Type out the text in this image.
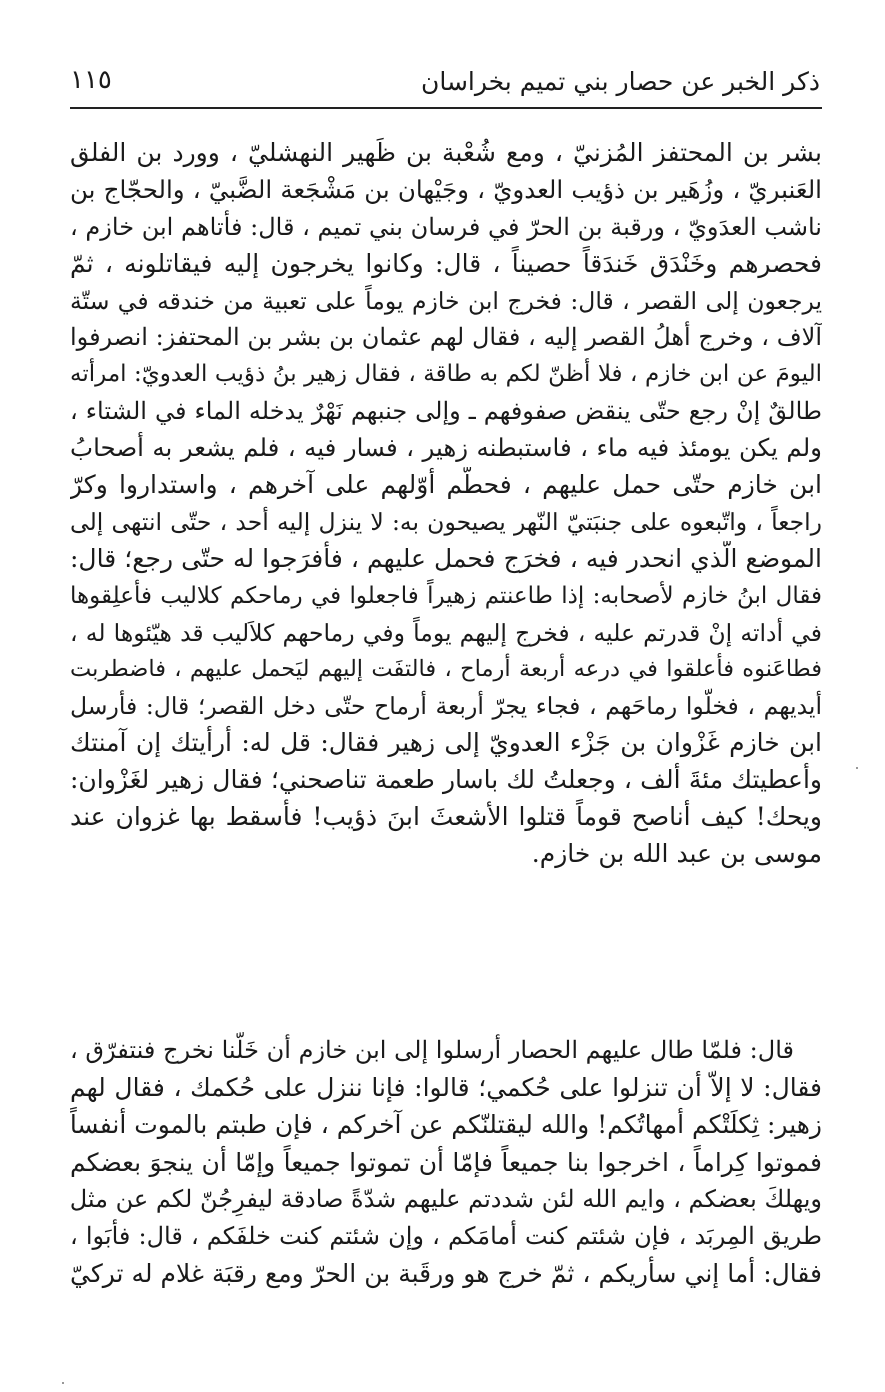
ذكر الخبر عن حصار بني تميم بخراسان
١١٥
بشر بن المحتفز المُزنيّ ، ومع شُعْبة بن ظَهير النهشليّ ، وورد بن الفلق
العَنبريّ ، وزُهَير بن ذؤيب العدويّ ، وجَيْهان بن مَشْجَعة الضَّبيّ ، والحجّاج بن
ناشب العدَويّ ، ورقبة بن الحرّ في فرسان بني تميم ، قال: فأتاهم ابن خازم ،
فحصرهم وخَنْدَق خَندَقاً حصيناً ، قال: وكانوا يخرجون إليه فيقاتلونه ، ثمّ
يرجعون إلى القصر ، قال: فخرج ابن خازم يوماً على تعبية من خندقه في ستّة
آلاف ، وخرج أهلُ القصر إليه ، فقال لهم عثمان بن بشر بن المحتفز: انصرفوا
اليومَ عن ابن خازم ، فلا أظنّ لكم به طاقة ، فقال زهير بنُ ذؤيب العدويّ: امرأته
طالقٌ إنْ رجع حتّى ينقض صفوفهم ـ وإلى جنبهم نَهْرٌ يدخله الماء في الشتاء ،
ولم يكن يومئذ فيه ماء ، فاستبطنه زهير ، فسار فيه ، فلم يشعر به أصحابُ
ابن خازم حتّى حمل عليهم ، فحطَّم أوّلهم على آخرهم ، واستداروا وكرّ
راجعاً ، واتّبعوه على جنبَتيّ النّهر يصيحون به: لا ينزل إليه أحد ، حتّى انتهى إلى
الموضع الّذي انحدر فيه ، فخرَج فحمل عليهم ، فأفرَجوا له حتّى رجع؛ قال:
فقال ابنُ خازم لأصحابه: إذا طاعنتم زهيراً فاجعلوا في رماحكم كلاليب فأعلِقوها
في أداته إنْ قدرتم عليه ، فخرج إليهم يوماً وفي رماحهم كلاَليب قد هيّئوها له ،
فطاعَنوه فأعلقوا في درعه أربعة أرماح ، فالتفَت إليهم ليَحمل عليهم ، فاضطربت
أيديهم ، فخلّوا رماحَهم ، فجاء يجرّ أربعة أرماح حتّى دخل القصر؛ قال: فأرسل
ابن خازم غَزْوان بن جَزْء العدويّ إلى زهير فقال: قل له: أرأيتك إن آمنتك
وأعطيتك مئةَ ألف ، وجعلتُ لك باسار طعمة تناصحني؛ فقال زهير لغَزْوان:
ويحك! كيف أناصح قوماً قتلوا الأشعثَ ابنَ ذؤيب! فأسقط بها غزوان عند
موسى بن عبد الله بن خازم.
قال: فلمّا طال عليهم الحصار أرسلوا إلى ابن خازم أن خَلّنا نخرج فنتفرّق ،
فقال: لا إلاّ أن تنزلوا على حُكمي؛ قالوا: فإنا ننزل على حُكمك ، فقال لهم
زهير: ثِكلَتْكم أمهاتُكم! والله ليقتلنّكم عن آخركم ، فإن طبتم بالموت أنفساً
فموتوا كِراماً ، اخرجوا بنا جميعاً فإمّا أن تموتوا جميعاً وإمّا أن ينجوَ بعضكم
ويهلكَ بعضكم ، وايم الله لئن شددتم عليهم شدّةً صادقة ليفرِجُنّ لكم عن مثل
طريق المِربَد ، فإن شئتم كنت أمامَكم ، وإن شئتم كنت خلفَكم ، قال: فأبَوا ،
فقال: أما إني سأريكم ، ثمّ خرج هو ورقَبة بن الحرّ ومع رقبَة غلام له تركيّ
